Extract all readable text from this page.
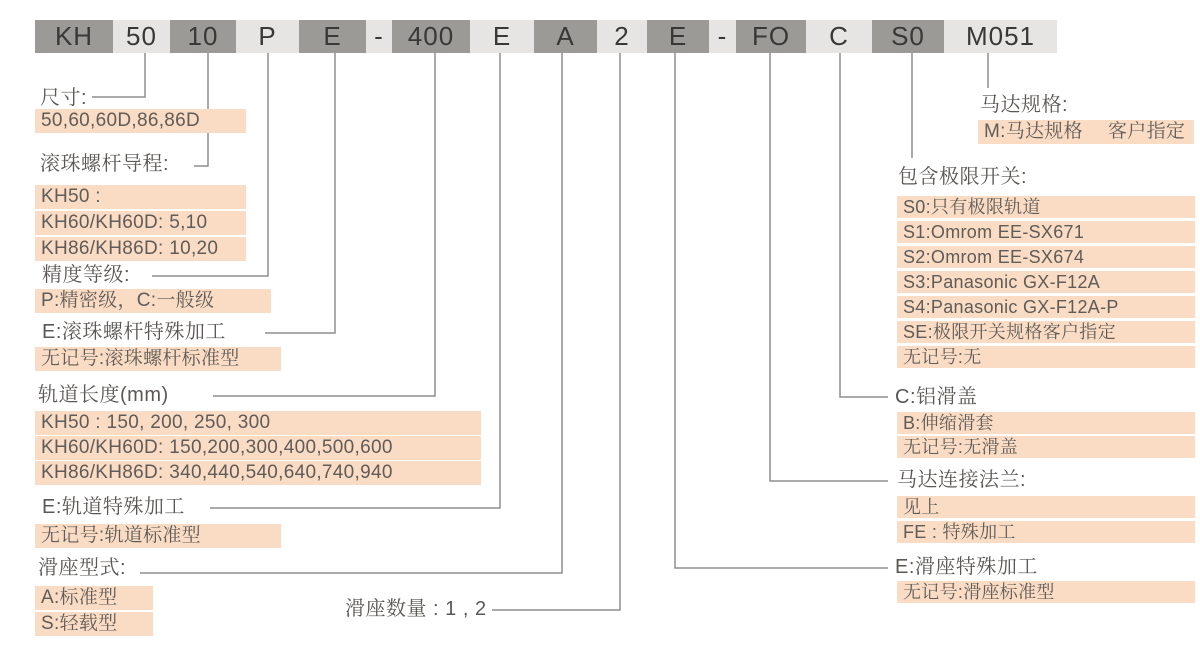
KH	50	10	P	E	- 400	E	A	2	E	- FO	C	S0	M051
尺寸:
50,60,60D,86,86D
滚珠螺杆导程:
KH50 :
KH60/KH60D: 5,10
KH86/KH86D: 10,20
精度等级:
P:精密级，C:一般级
E:滚珠螺杆特殊加工
无记号:滚珠螺杆标准型
轨道长度(mm)
KH50 : 150, 200, 250, 300
KH60/KH60D: 150,200,300,400,500,600
KH86/KH86D: 340,440,540,640,740,940
E:轨道特殊加工
无记号:轨道标准型
滑座型式:
A:标准型
S:轻载型
滑座数量 : 1 , 2
马达规格:
M:马达规格	客户指定
包含极限开关:
S0:只有极限轨道
S1:Omrom EE-SX671
S2:Omrom EE-SX674
S3:Panasonic GX-F12A
S4:Panasonic GX-F12A-P
SE:极限开关规格客户指定
无记号:无
C:铝滑盖
B:伸缩滑套
无记号:无滑盖
马达连接法兰:
见上
FE : 特殊加工
E:滑座特殊加工
无记号:滑座标准型
